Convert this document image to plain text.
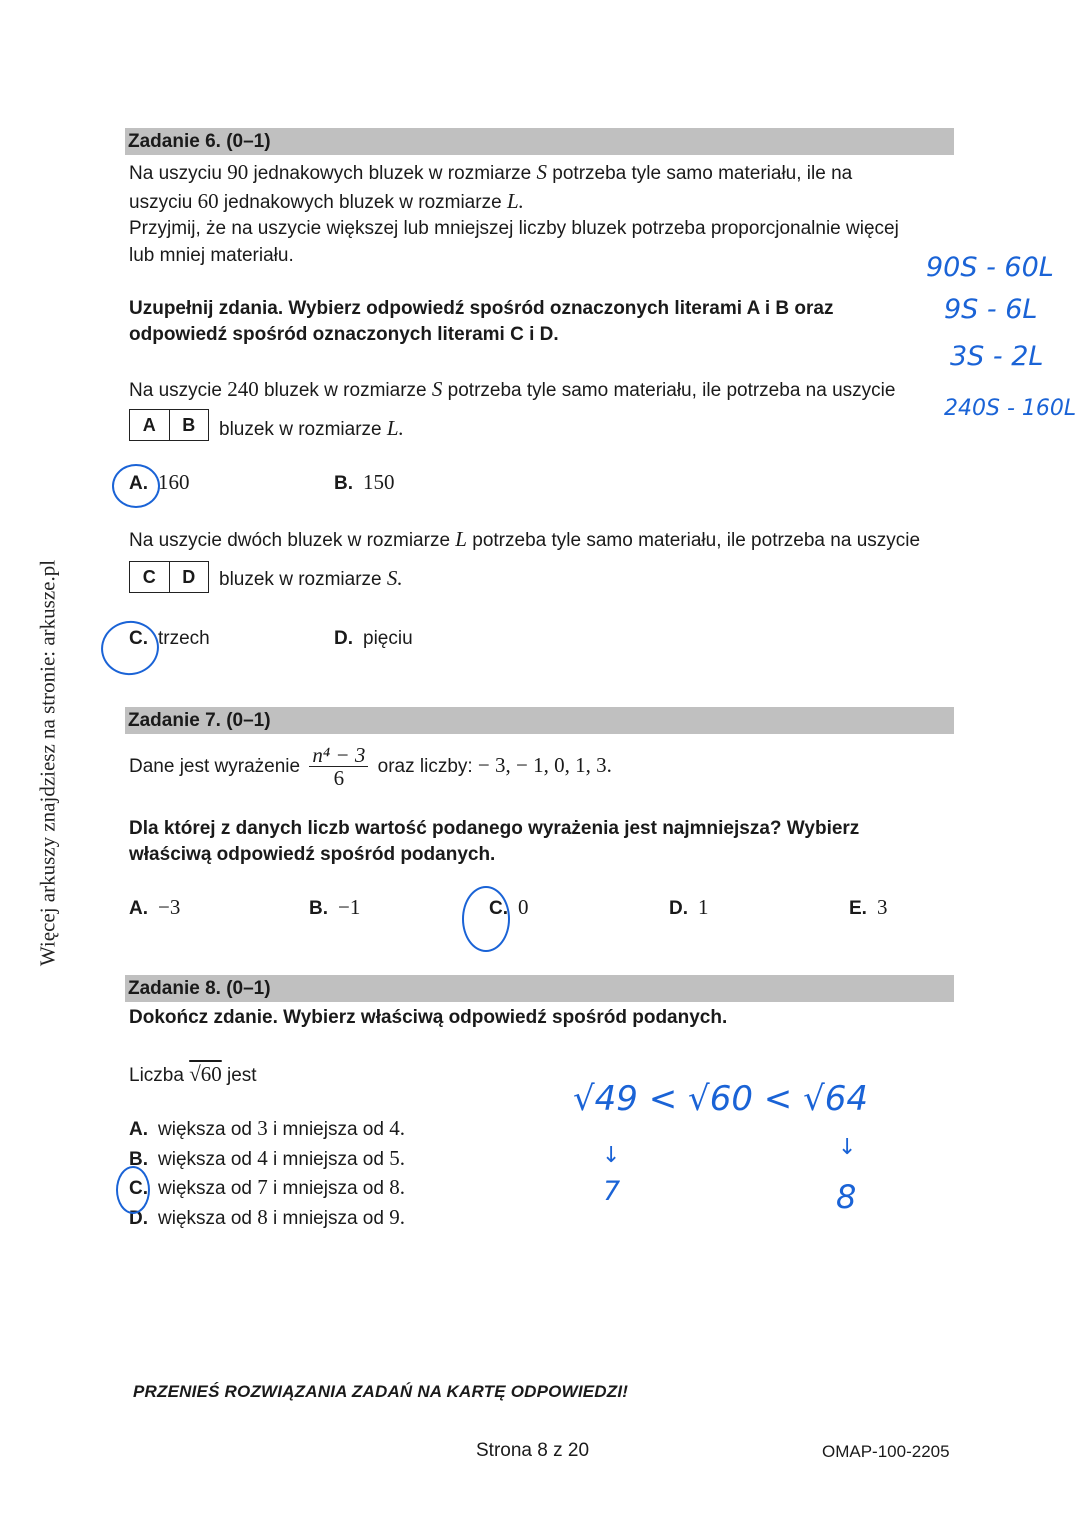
Więcej arkuszy znajdziesz na stronie: arkusze.pl
Zadanie 6. (0–1)
Na uszyciu 90 jednakowych bluzek w rozmiarze S potrzeba tyle samo materiału, ile na
uszyciu 60 jednakowych bluzek w rozmiarze L.
Przyjmij, że na uszycie większej lub mniejszej liczby bluzek potrzeba proporcjonalnie więcej
lub mniej materiału.
Uzupełnij zdania. Wybierz odpowiedź spośród oznaczonych literami A i B oraz
odpowiedź spośród oznaczonych literami C i D.
Na uszycie 240 bluzek w rozmiarze S potrzeba tyle samo materiału, ile potrzeba na uszycie
A	B	bluzek w rozmiarze L.
A. 160	B. 150
Na uszycie dwóch bluzek w rozmiarze L potrzeba tyle samo materiału, ile potrzeba na uszycie
C	D	bluzek w rozmiarze S.
C. trzech	D. pięciu
Zadanie 7. (0–1)
Dane jest wyrażenie $\frac{\text{n⁴ − 3}}{6}$ oraz liczby: − 3, − 1, 0, 1, 3.
Dla której z danych liczb wartość podanego wyrażenia jest najmniejsza? Wybierz
właściwą odpowiedź spośród podanych.
A. −3	B. −1	C. 0	D. 1	E. 3
Zadanie 8. (0–1)
Dokończ zdanie. Wybierz właściwą odpowiedź spośród podanych.
Liczba √60 jest
A. większa od 3 i mniejsza od 4.
B. większa od 4 i mniejsza od 5.
C. większa od 7 i mniejsza od 8.
D. większa od 8 i mniejsza od 9.
90S - 60L
9S - 6L
3S - 2L
240S - 160L
√49 < √60 < √64
↓	↓
7	8
PRZENIEŚ ROZWIĄZANIA ZADAŃ NA KARTĘ ODPOWIEDZI!
Strona 8 z 20	OMAP-100-2205
